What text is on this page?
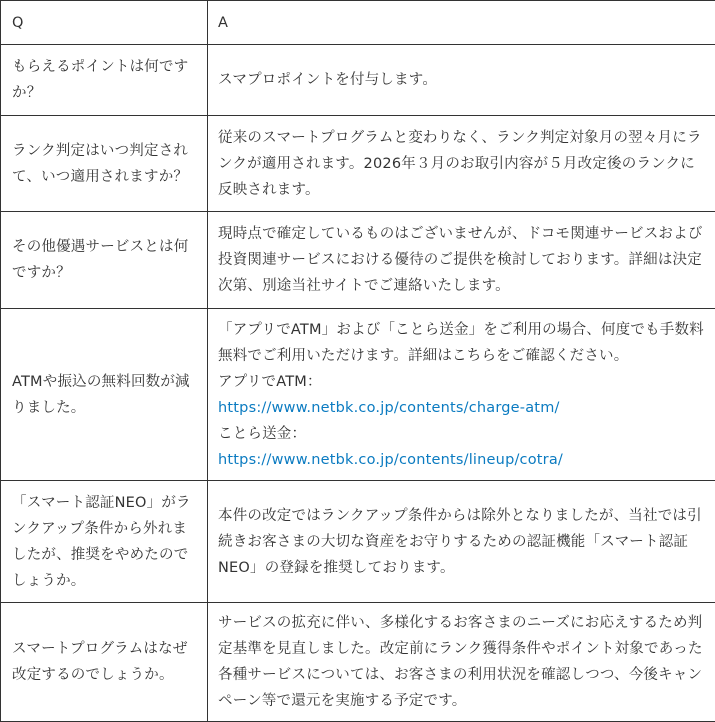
Q	A
もらえるポイントは何ですか？	スマプロポイントを付与します。
ランク判定はいつ判定されて、いつ適用されますか？	従来のスマートプログラムと変わりなく、ランク判定対象月の翌々月にランクが適用されます。2026年３月のお取引内容が５月改定後のランクに反映されます。
その他優遇サービスとは何ですか？	現時点で確定しているものはございませんが、ドコモ関連サービスおよび投資関連サービスにおける優待のご提供を検討しております。詳細は決定次第、別途当社サイトでご連絡いたします。
ATMや振込の無料回数が減りました。	「アプリでATM」および「ことら送金」をご利用の場合、何度でも手数料無料でご利用いただけます。詳細はこちらをご確認ください。
アプリでATM：
https://www.netbk.co.jp/contents/charge-atm/
ことら送金：
https://www.netbk.co.jp/contents/lineup/cotra/

「スマート認証NEO」がランクアップ条件から外れましたが、推奨をやめたのでしょうか。	本件の改定ではランクアップ条件からは除外となりましたが、当社では引続きお客さまの大切な資産をお守りするための認証機能「スマート認証NEO」の登録を推奨しております。
スマートプログラムはなぜ改定するのでしょうか。	サービスの拡充に伴い、多様化するお客さまのニーズにお応えするため判定基準を見直しました。改定前にランク獲得条件やポイント対象であった各種サービスについては、お客さまの利用状況を確認しつつ、今後キャンペーン等で還元を実施する予定です。
